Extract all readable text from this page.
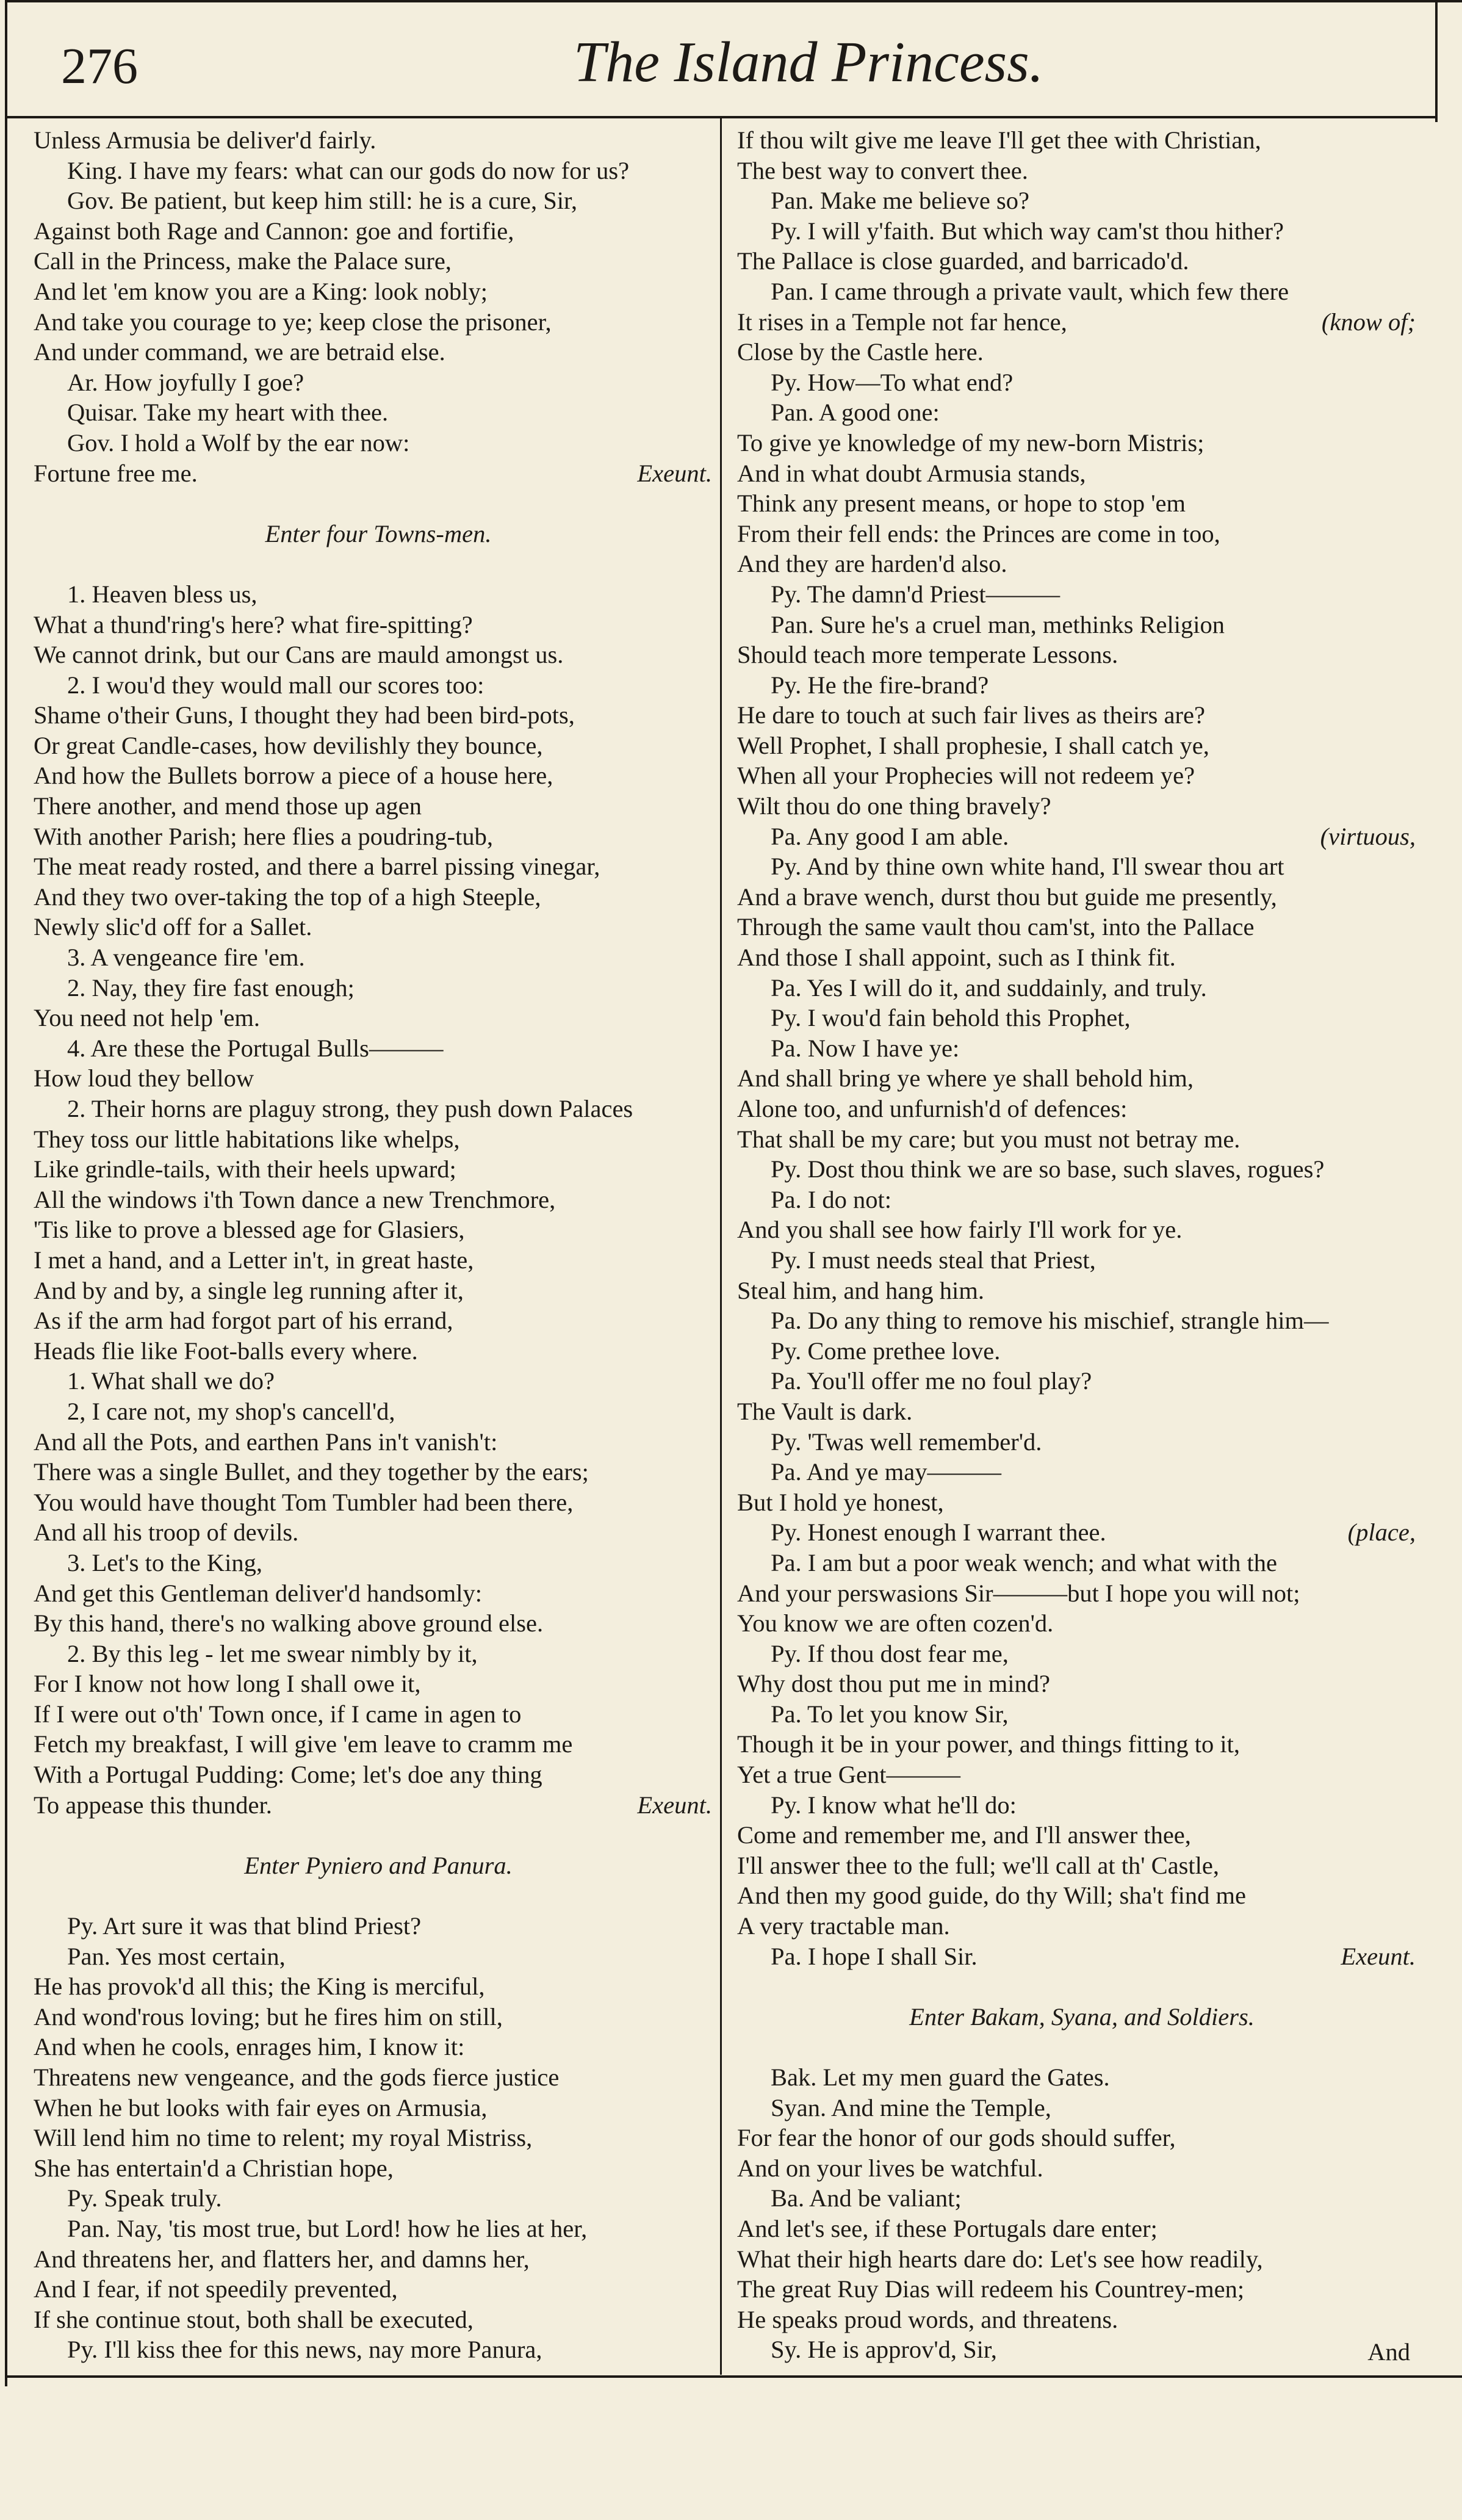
276	The Island Princess.
Unless Armusia be deliver'd fairly.
King. I have my fears: what can our gods do now for us?
Gov. Be patient, but keep him still: he is a cure, Sir,
Against both Rage and Cannon: goe and fortifie,
Call in the Princess, make the Palace sure,
And let 'em know you are a King: look nobly;
And take you courage to ye; keep close the prisoner,
And under command, we are betraid else.
Ar. How joyfully I goe?
Quisar. Take my heart with thee.
Gov. I hold a Wolf by the ear now:
Fortune free me.	Exeunt.
Enter four Towns-men.
1. Heaven bless us,
What a thund'ring's here? what fire-spitting?
We cannot drink, but our Cans are mauld amongst us.
2. I wou'd they would mall our scores too:
Shame o'their Guns, I thought they had been bird-pots,
Or great Candle-cases, how devilishly they bounce,
And how the Bullets borrow a piece of a house here,
There another, and mend those up agen
With another Parish; here flies a poudring-tub,
The meat ready rosted, and there a barrel pissing vinegar,
And they two over-taking the top of a high Steeple,
Newly slic'd off for a Sallet.
3. A vengeance fire 'em.
2. Nay, they fire fast enough;
You need not help 'em.
4. Are these the Portugal Bulls———
How loud they bellow
2. Their horns are plaguy strong, they push down Palaces
They toss our little habitations like whelps,
Like grindle-tails, with their heels upward;
All the windows i'th Town dance a new Trenchmore,
'Tis like to prove a blessed age for Glasiers,
I met a hand, and a Letter in't, in great haste,
And by and by, a single leg running after it,
As if the arm had forgot part of his errand,
Heads flie like Foot-balls every where.
1. What shall we do?
2, I care not, my shop's cancell'd,
And all the Pots, and earthen Pans in't vanish't:
There was a single Bullet, and they together by the ears;
You would have thought Tom Tumbler had been there,
And all his troop of devils.
3. Let's to the King,
And get this Gentleman deliver'd handsomly:
By this hand, there's no walking above ground else.
2. By this leg - let me swear nimbly by it,
For I know not how long I shall owe it,
If I were out o'th' Town once, if I came in agen to
Fetch my breakfast, I will give 'em leave to cramm me
With a Portugal Pudding: Come; let's doe any thing
To appease this thunder.	Exeunt.
Enter Pyniero and Panura.
Py. Art sure it was that blind Priest?
Pan. Yes most certain,
He has provok'd all this; the King is merciful,
And wond'rous loving; but he fires him on still,
And when he cools, enrages him, I know it:
Threatens new vengeance, and the gods fierce justice
When he but looks with fair eyes on Armusia,
Will lend him no time to relent; my royal Mistriss,
She has entertain'd a Christian hope,
Py. Speak truly.
Pan. Nay, 'tis most true, but Lord! how he lies at her,
And threatens her, and flatters her, and damns her,
And I fear, if not speedily prevented,
If she continue stout, both shall be executed,
Py. I'll kiss thee for this news, nay more Panura,
If thou wilt give me leave I'll get thee with Christian,
The best way to convert thee.
Pan. Make me believe so?
Py. I will y'faith. But which way cam'st thou hither?
The Pallace is close guarded, and barricado'd.
Pan. I came through a private vault, which few there
It rises in a Temple not far hence,	(know of;
Close by the Castle here.
Py. How—To what end?
Pan. A good one:
To give ye knowledge of my new-born Mistris;
And in what doubt Armusia stands,
Think any present means, or hope to stop 'em
From their fell ends: the Princes are come in too,
And they are harden'd also.
Py. The damn'd Priest———
Pan. Sure he's a cruel man, methinks Religion
Should teach more temperate Lessons.
Py. He the fire-brand?
He dare to touch at such fair lives as theirs are?
Well Prophet, I shall prophesie, I shall catch ye,
When all your Prophecies will not redeem ye?
Wilt thou do one thing bravely?
Pa. Any good I am able.	(virtuous,
Py. And by thine own white hand, I'll swear thou art
And a brave wench, durst thou but guide me presently,
Through the same vault thou cam'st, into the Pallace
And those I shall appoint, such as I think fit.
Pa. Yes I will do it, and suddainly, and truly.
Py. I wou'd fain behold this Prophet,
Pa. Now I have ye:
And shall bring ye where ye shall behold him,
Alone too, and unfurnish'd of defences:
That shall be my care; but you must not betray me.
Py. Dost thou think we are so base, such slaves, rogues?
Pa. I do not:
And you shall see how fairly I'll work for ye.
Py. I must needs steal that Priest,
Steal him, and hang him.
Pa. Do any thing to remove his mischief, strangle him—
Py. Come prethee love.
Pa. You'll offer me no foul play?
The Vault is dark.
Py. 'Twas well remember'd.
Pa. And ye may———
But I hold ye honest,
Py. Honest enough I warrant thee.	(place,
Pa. I am but a poor weak wench; and what with the
And your perswasions Sir———but I hope you will not;
You know we are often cozen'd.
Py. If thou dost fear me,
Why dost thou put me in mind?
Pa. To let you know Sir,
Though it be in your power, and things fitting to it,
Yet a true Gent———
Py. I know what he'll do:
Come and remember me, and I'll answer thee,
I'll answer thee to the full; we'll call at th' Castle,
And then my good guide, do thy Will; sha't find me
A very tractable man.
Pa. I hope I shall Sir.	Exeunt.
Enter Bakam, Syana, and Soldiers.
Bak. Let my men guard the Gates.
Syan. And mine the Temple,
For fear the honor of our gods should suffer,
And on your lives be watchful.
Ba. And be valiant;
And let's see, if these Portugals dare enter;
What their high hearts dare do: Let's see how readily,
The great Ruy Dias will redeem his Countrey-men;
He speaks proud words, and threatens.
Sy. He is approv'd, Sir,	And
